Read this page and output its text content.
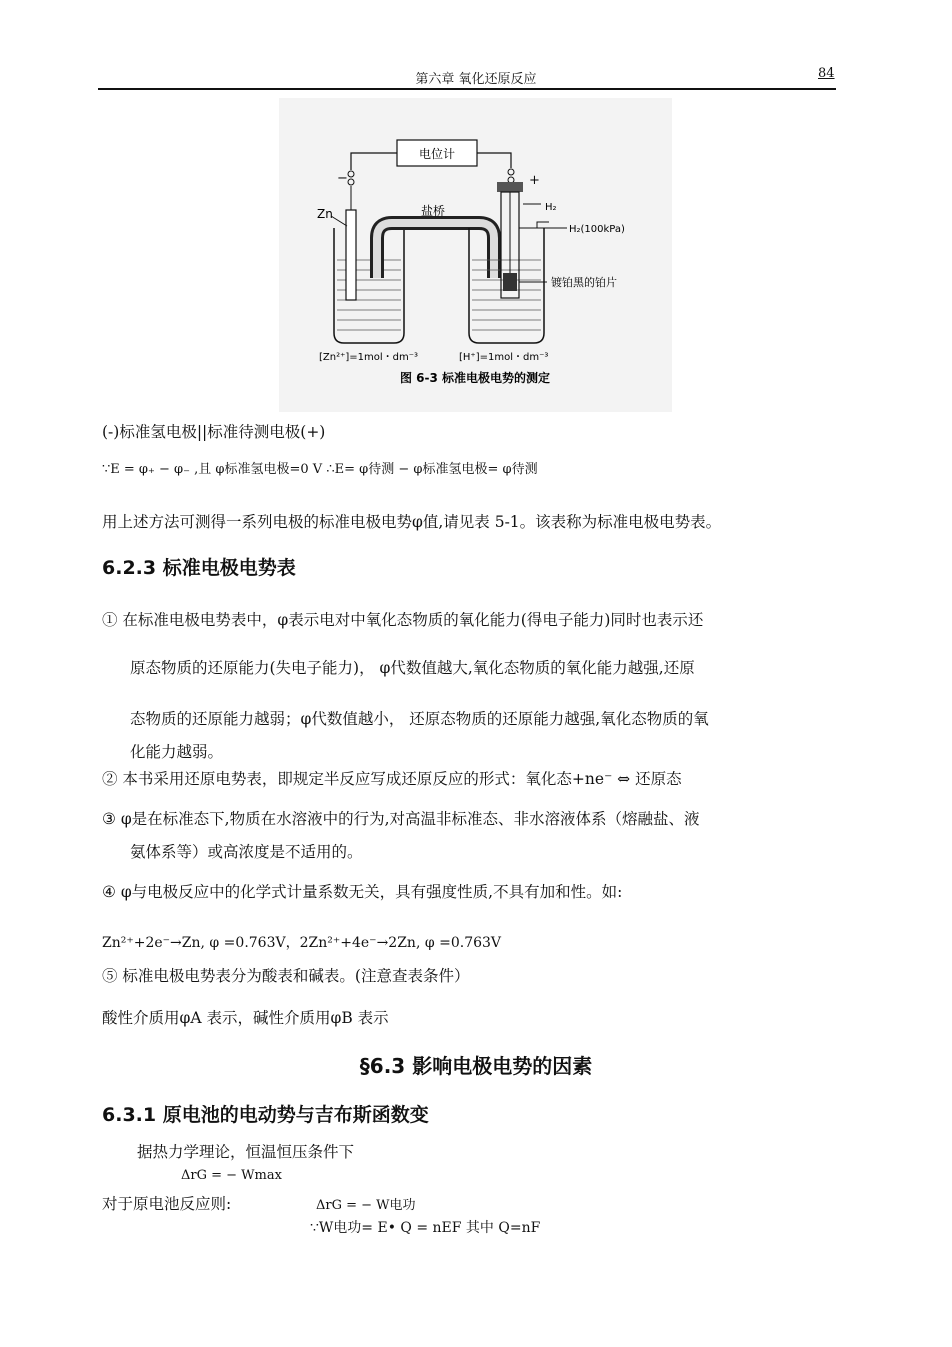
第六章 氧化还原反应	84
电位计
−	+
Zn	盐桥	H₂
H₂(100kPa)
镀铂黑的铂片
[Zn²⁺]=1mol・dm⁻³	[H⁺]=1mol・dm⁻³
图 6-3 标准电极电势的测定
(-)标准氢电极||标准待测电极(+)
∵E = φ₊ − φ₋ ,且 φ标准氢电极=0 V ∴E= φ待测 − φ标准氢电极= φ待测
用上述方法可测得一系列电极的标准电极电势φ值,请见表 5-1。该表称为标准电极电势表。
6.2.3 标准电极电势表
① 在标准电极电势表中，φ表示电对中氧化态物质的氧化能力(得电子能力)同时也表示还
原态物质的还原能力(失电子能力)， φ代数值越大,氧化态物质的氧化能力越强,还原
态物质的还原能力越弱；φ代数值越小， 还原态物质的还原能力越强,氧化态物质的氧
化能力越弱。
② 本书采用还原电势表，即规定半反应写成还原反应的形式：氧化态+ne⁻ ⇔ 还原态
③ φ是在标准态下,物质在水溶液中的行为,对高温非标准态、非水溶液体系（熔融盐、液
氨体系等）或高浓度是不适用的。
④ φ与电极反应中的化学式计量系数无关，具有强度性质,不具有加和性。如:
Zn²⁺+2e⁻→Zn, φ =0.763V，2Zn²⁺+4e⁻→2Zn, φ =0.763V
⑤ 标准电极电势表分为酸表和碱表。(注意查表条件）
酸性介质用φA 表示，碱性介质用φB 表示
§6.3 影响电极电势的因素
6.3.1 原电池的电动势与吉布斯函数变
据热力学理论，恒温恒压条件下
ΔrG = − Wmax
对于原电池反应则:	ΔrG = − W电功
∵W电功= E• Q = nEF 其中 Q=nF
